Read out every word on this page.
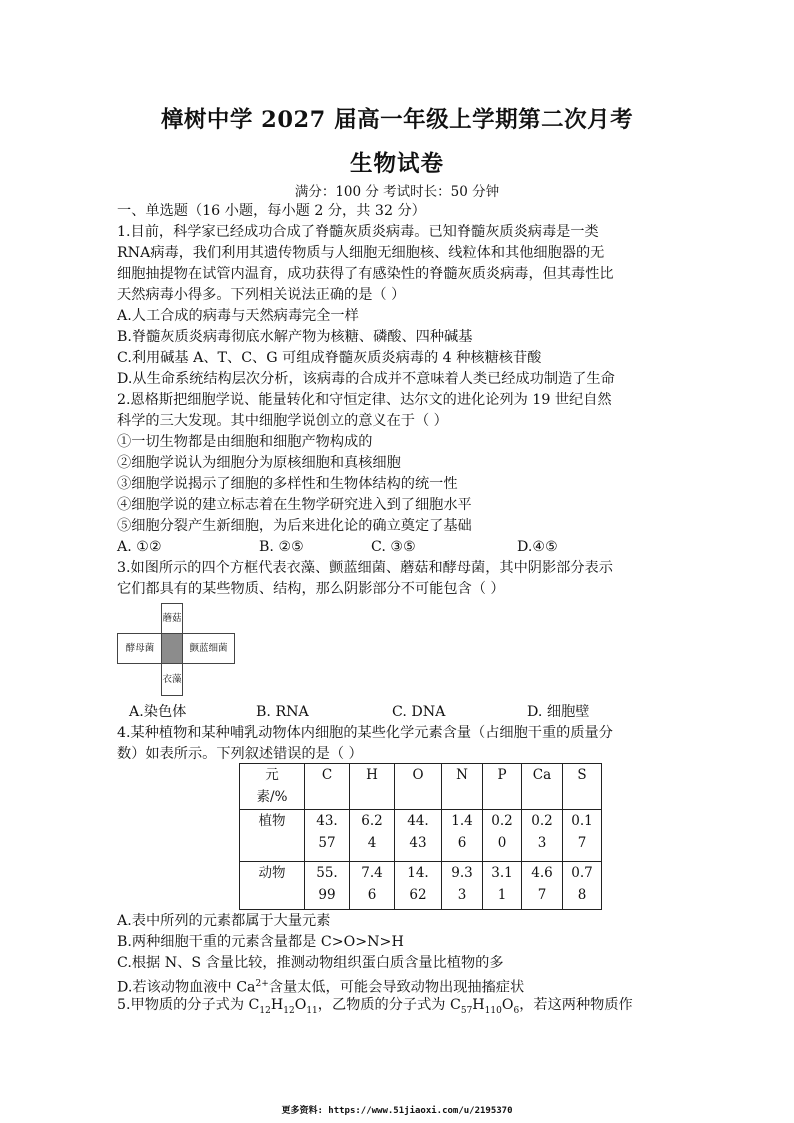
樟树中学 2027 届高一年级上学期第二次月考
生物试卷
满分：100 分 考试时长：50 分钟
一、单选题（16 小题，每小题 2 分，共 32 分）
1.目前，科学家已经成功合成了脊髓灰质炎病毒。已知脊髓灰质炎病毒是一类
RNA病毒，我们利用其遗传物质与人细胞无细胞核、线粒体和其他细胞器的无
细胞抽提物在试管内温育，成功获得了有感染性的脊髓灰质炎病毒，但其毒性比
天然病毒小得多。下列相关说法正确的是（ ）
A.人工合成的病毒与天然病毒完全一样
B.脊髓灰质炎病毒彻底水解产物为核糖、磷酸、四种碱基
C.利用碱基 A、T、C、G 可组成脊髓灰质炎病毒的 4 种核糖核苷酸
D.从生命系统结构层次分析，该病毒的合成并不意味着人类已经成功制造了生命
2.恩格斯把细胞学说、能量转化和守恒定律、达尔文的进化论列为 19 世纪自然
科学的三大发现。其中细胞学说创立的意义在于（ ）
①一切生物都是由细胞和细胞产物构成的
②细胞学说认为细胞分为原核细胞和真核细胞
③细胞学说揭示了细胞的多样性和生物体结构的统一性
④细胞学说的建立标志着在生物学研究进入到了细胞水平
⑤细胞分裂产生新细胞，为后来进化论的确立奠定了基础
A. ①②	B. ②⑤	C. ③⑤	D.④⑤
3.如图所示的四个方框代表衣藻、颤蓝细菌、蘑菇和酵母菌，其中阴影部分表示
它们都具有的某些物质、结构，那么阴影部分不可能包含（ ）
蘑菇
酵母菌	颤蓝细菌
衣藻
A.染色体	B. RNA	C. DNA	D. 细胞壁
4.某种植物和某种哺乳动物体内细胞的某些化学元素含量（占细胞干重的质量分
数）如表所示。下列叙述错误的是（ ）
元素/%	C	H	O	N	P	Ca	S

植物	43.57	6.24	44.43	1.46	0.20	0.23	0.17

动物	55.99	7.46	14.62	9.33	3.11	4.67	0.78
A.表中所列的元素都属于大量元素
B.两种细胞干重的元素含量都是 C>O>N>H
C.根据 N、S 含量比较，推测动物组织蛋白质含量比植物的多
D.若该动物血液中 $Ca^{2+}$含量太低，可能会导致动物出现抽搐症状
5.甲物质的分子式为 $C_{12}H_{12}O_{11}$，乙物质的分子式为 $C_{57}H_{110}O_6$，若这两种物质作
更多资料: https://www.51jiaoxi.com/u/2195370
